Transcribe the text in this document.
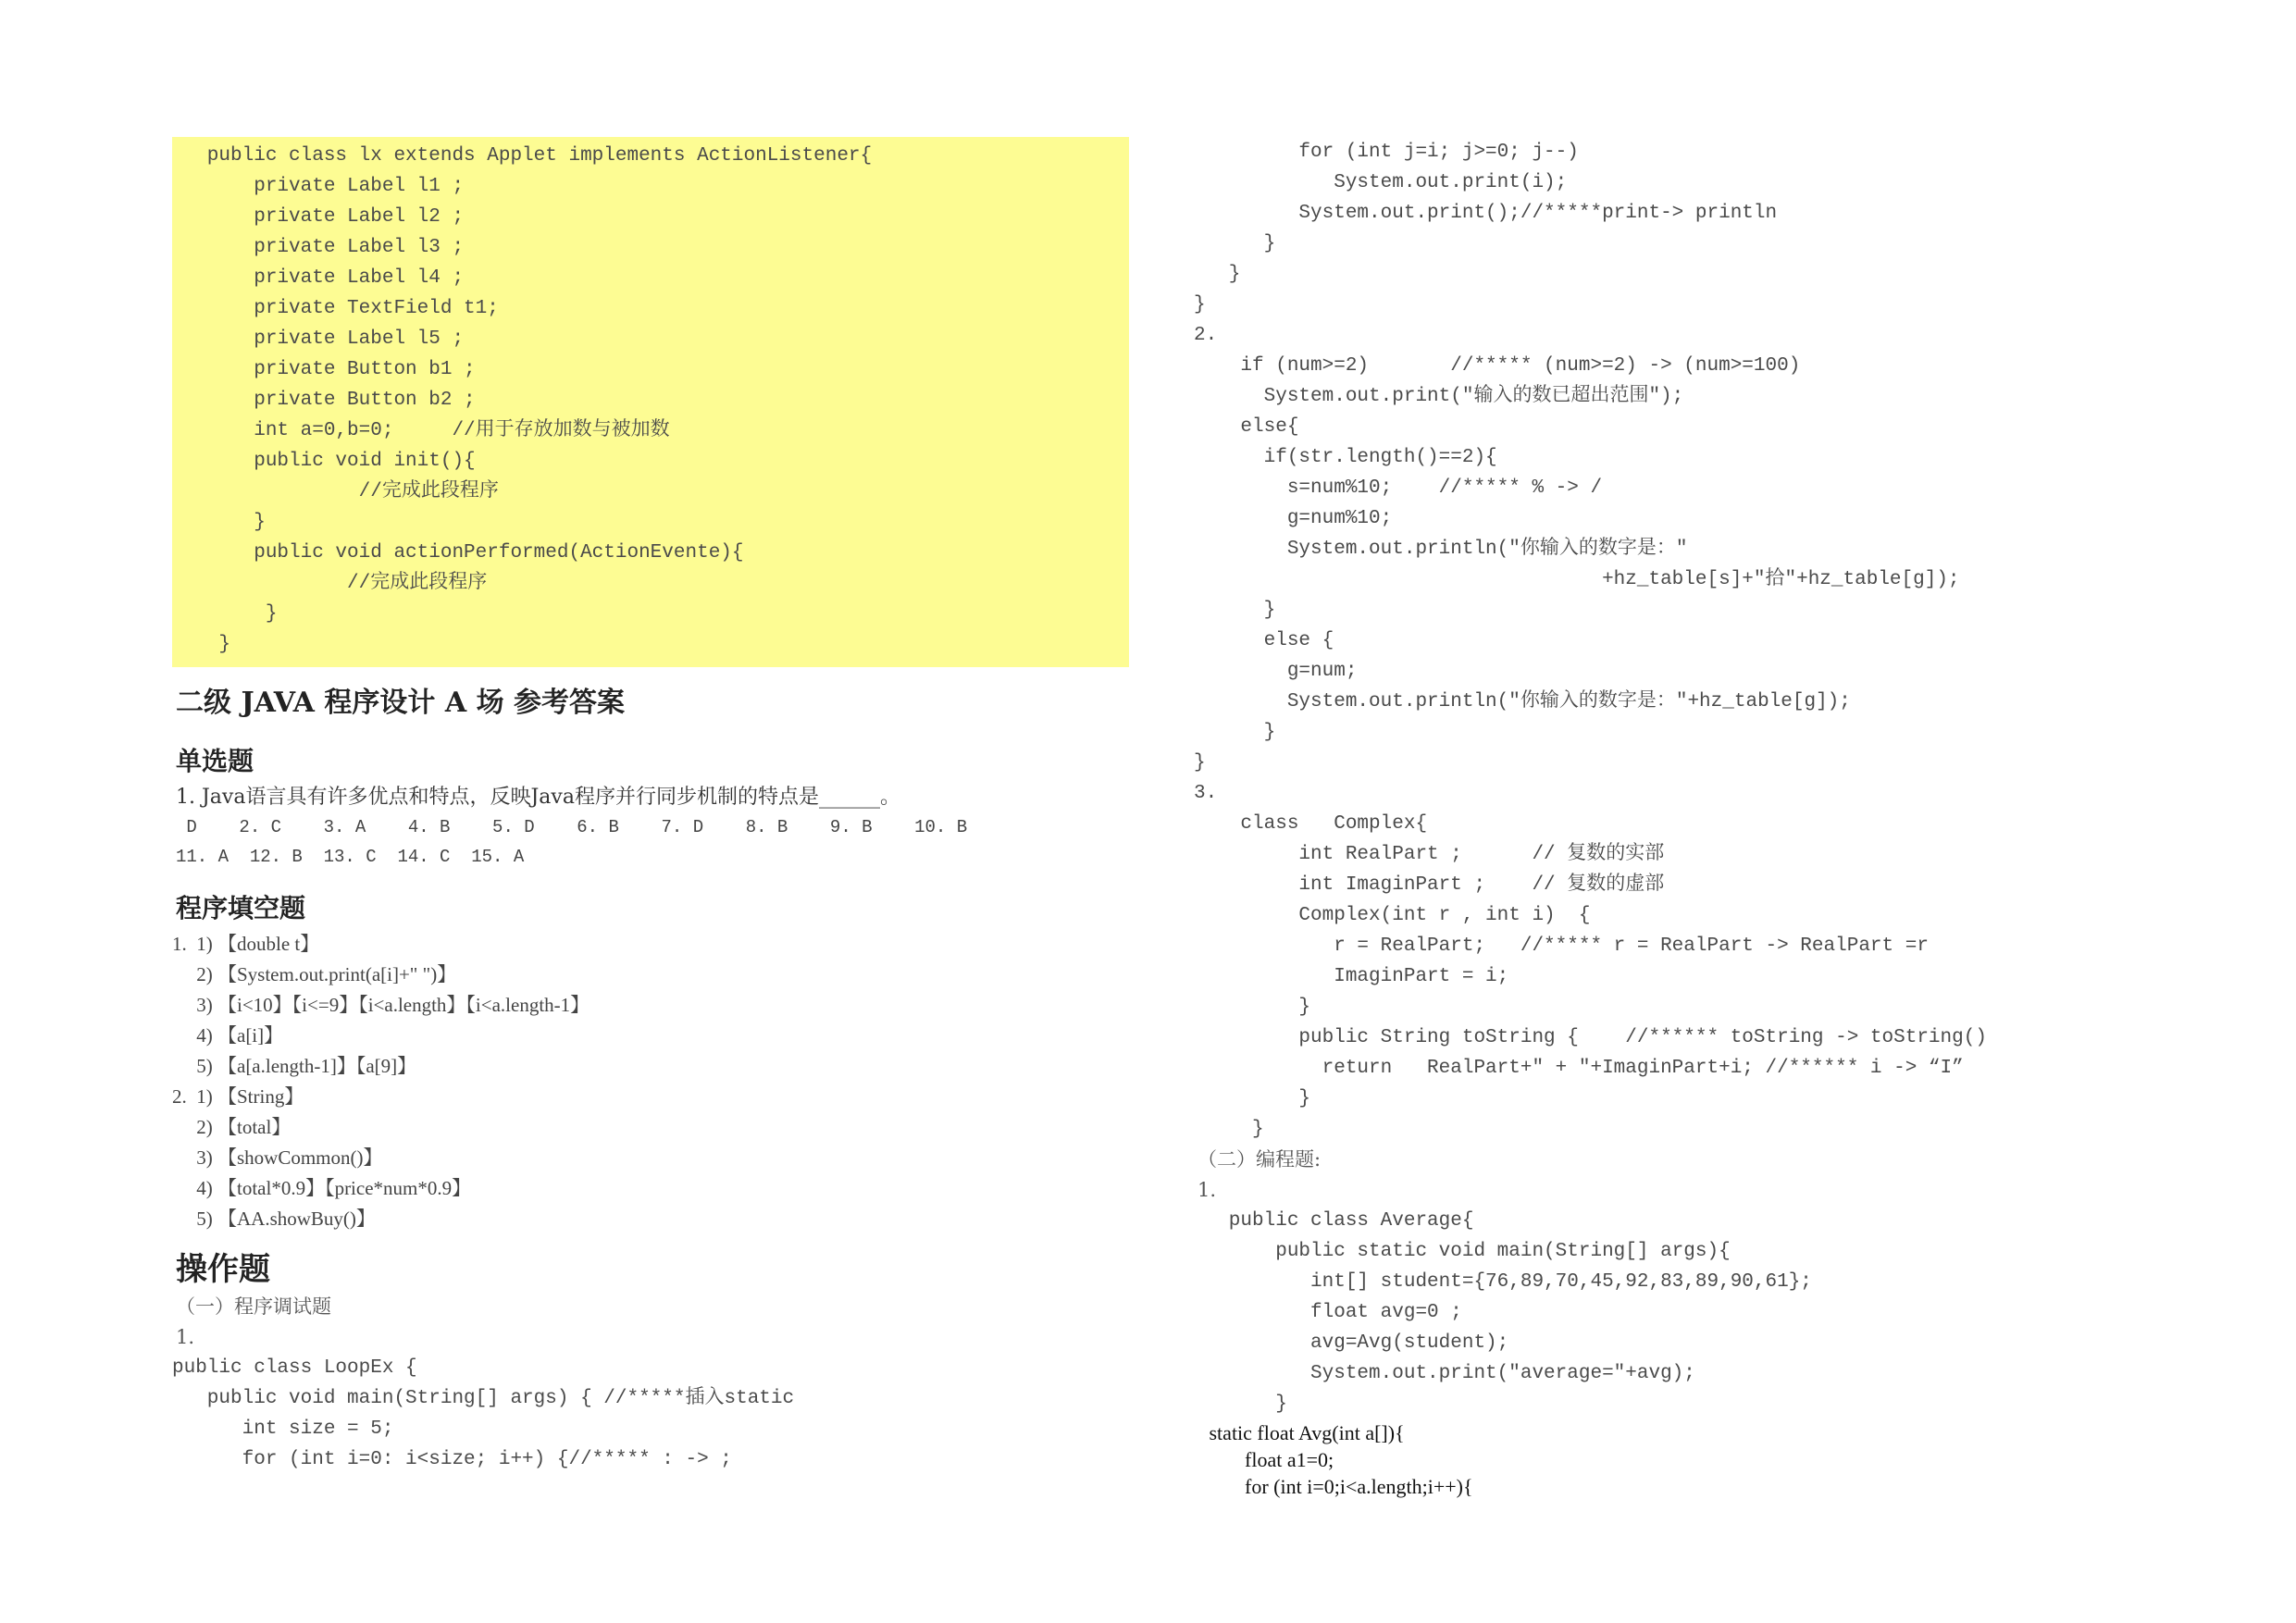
public class lx extends Applet implements ActionListener{
private Label l1 ;
private Label l2 ;
private Label l3 ;
private Label l4 ;
private TextField t1;
private Label l5 ;
private Button b1 ;
private Button b2 ;
int a=0,b=0;     //用于存放加数与被加数
public void init(){
//完成此段程序
}
public void actionPerformed(ActionEvente){
//完成此段程序
}
}
二级 JAVA 程序设计 A 场 参考答案
单选题
1. Java语言具有许多优点和特点，反映Java程序并行同步机制的特点是______。
D    2. C    3. A    4. B    5. D    6. B    7. D    8. B    9. B    10. B
11. A  12. B  13. C  14. C  15. A
程序填空题
1.  1) 【double t】
2) 【System.out.print(a[i]+" ")】
3) 【i<10】【i<=9】【i<a.length】【i<a.length-1】
4) 【a[i]】
5) 【a[a.length-1]】【a[9]】
2.  1) 【String】
2) 【total】
3) 【showCommon()】
4) 【total*0.9】【price*num*0.9】
5) 【AA.showBuy()】
操作题
（一）程序调试题
1.
public class LoopEx {
public void main(String[] args) { //*****插入static
int size = 5;
for (int i=0: i<size; i++) {//***** : -> ;
for (int j=i; j>=0; j--)
System.out.print(i);
System.out.print();//*****print-> println
}
}
}
2.
if (num>=2)       //***** (num>=2) -> (num>=100)
System.out.print("输入的数已超出范围");
else{
if(str.length()==2){
s=num%10;    //***** % -> /
g=num%10;
System.out.println("你输入的数字是："
+hz_table[s]+"拾"+hz_table[g]);
}
else {
g=num;
System.out.println("你输入的数字是："+hz_table[g]);
}
}
3.
class   Complex{
int RealPart ;      // 复数的实部
int ImaginPart ;    // 复数的虚部
Complex(int r , int i)  {
r = RealPart;   //***** r = RealPart -> RealPart =r
ImaginPart = i;
}
public String toString {    //****** toString -> toString()
return   RealPart+" + "+ImaginPart+i; //****** i -> “I”
}
}
（二）编程题:
1.
public class Average{
public static void main(String[] args){
int[] student={76,89,70,45,92,83,89,90,61};
float avg=0 ;
avg=Avg(student);
System.out.print("average="+avg);
}
static float Avg(int a[]){
float a1=0;
for (int i=0;i<a.length;i++){
